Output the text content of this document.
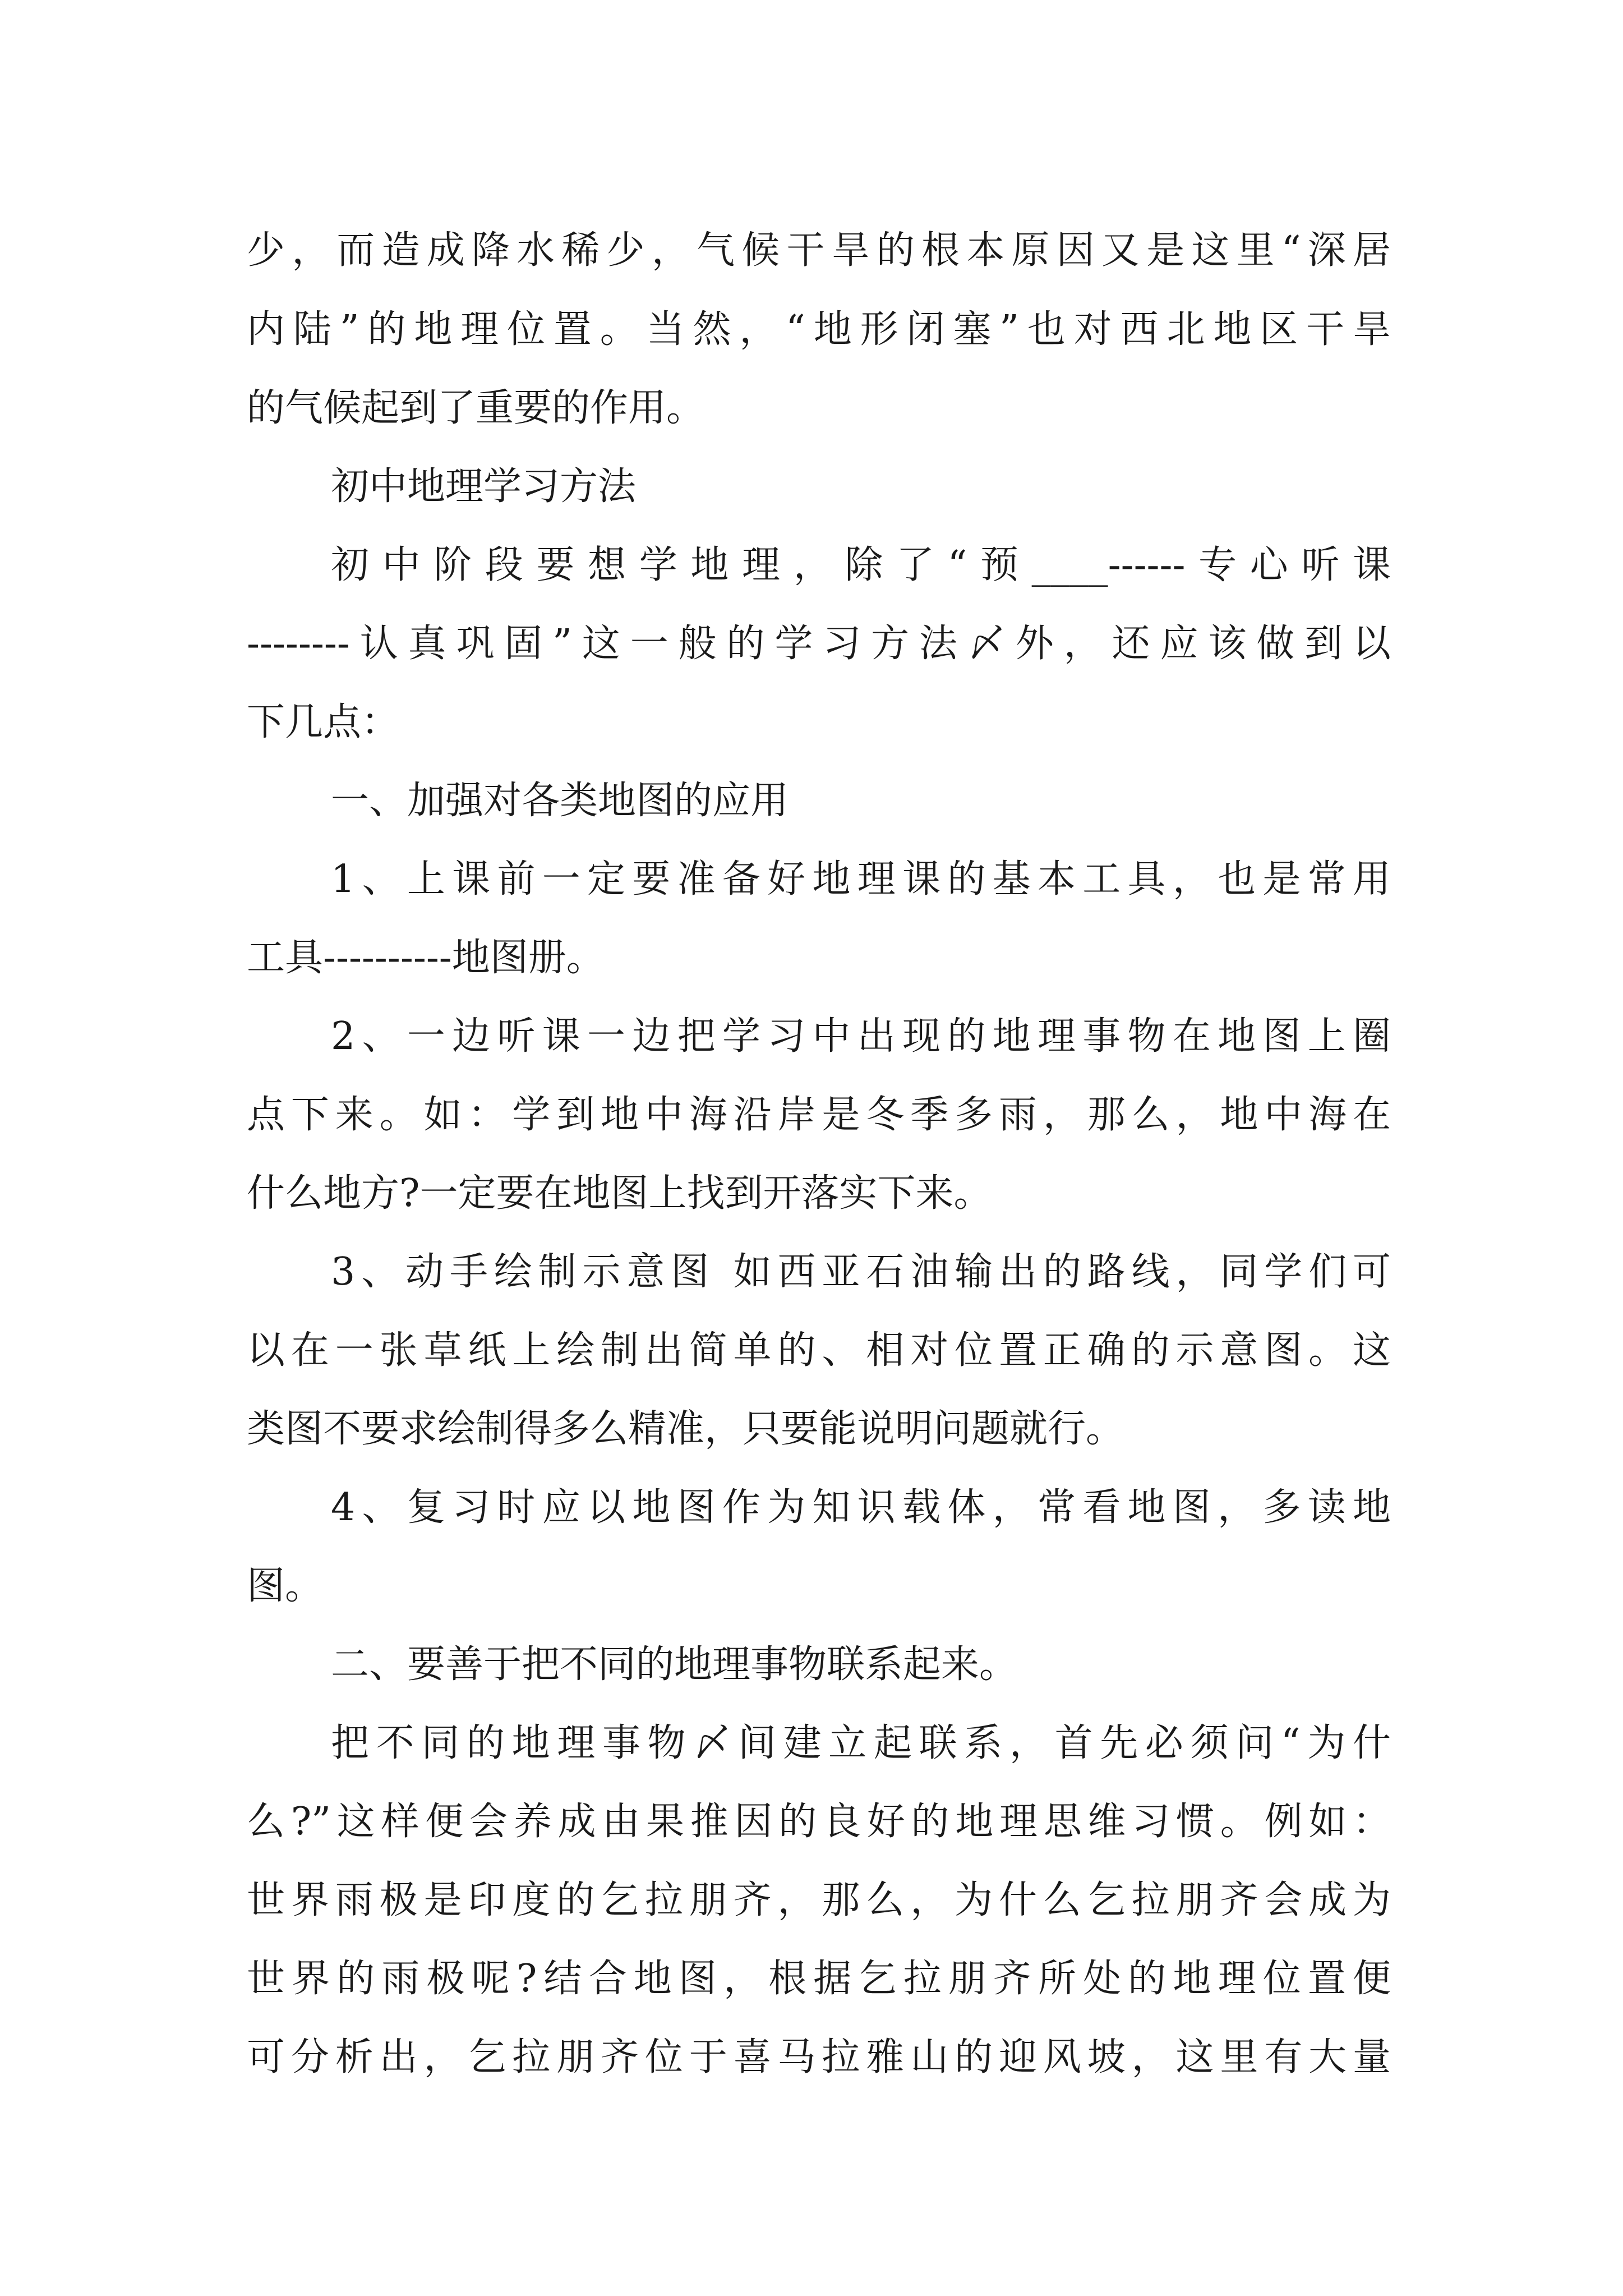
少，而造成降水稀少，气候干旱的根本原因又是这里“深居
内陆”的地理位置。当然，“地形闭塞”也对西北地区干旱
的气候起到了重要的作用。
初中地理学习方法
初中阶段要想学地理，除了“预____------专心听课
--------认真巩固”这一般的学习方法〆外，还应该做到以
下几点：
一、加强对各类地图的应用
1、上课前一定要准备好地理课的基本工具，也是常用
工具----------地图册。
2、一边听课一边把学习中出现的地理事物在地图上圈
点下来。如：学到地中海沿岸是冬季多雨，那么，地中海在
什么地方?一定要在地图上找到开落实下来。
3、动手绘制示意图 如西亚石油输出的路线，同学们可
以在一张草纸上绘制出简单的、相对位置正确的示意图。这
类图不要求绘制得多么精准，只要能说明问题就行。
4、复习时应以地图作为知识载体，常看地图，多读地
图。
二、要善于把不同的地理事物联系起来。
把不同的地理事物〆间建立起联系，首先必须问“为什
么?”这样便会养成由果推因的良好的地理思维习惯。例如：
世界雨极是印度的乞拉朋齐，那么，为什么乞拉朋齐会成为
世界的雨极呢?结合地图，根据乞拉朋齐所处的地理位置便
可分析出，乞拉朋齐位于喜马拉雅山的迎风坡，这里有大量
